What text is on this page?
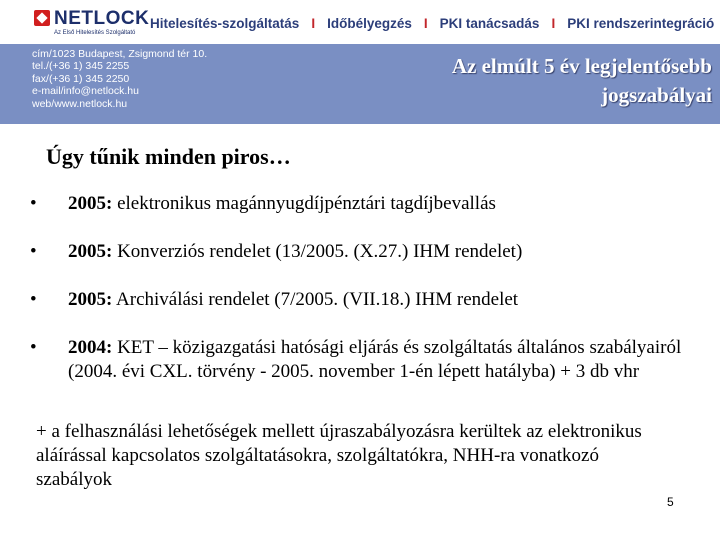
NETLOCK
Az Első Hitelesítés Szolgáltató
Hitelesítés-szolgáltatás I Időbélyegzés I PKI tanácsadás I PKI rendszerintegráció
cím/1023 Budapest, Zsigmond tér 10.
tel./(+36 1) 345 2255
fax/(+36 1) 345 2250
e-mail/info@netlock.hu
web/www.netlock.hu
Az elmúlt 5 év legjelentősebb
jogszabályai
Úgy tűnik minden piros…
• 2005: elektronikus magánnyugdíjpénztári tagdíjbevallás
• 2005: Konverziós rendelet (13/2005. (X.27.) IHM rendelet)
• 2005: Archiválási rendelet (7/2005. (VII.18.) IHM rendelet
• 2004: KET – közigazgatási hatósági eljárás és szolgáltatás általános szabályairól (2004. évi CXL. törvény - 2005. november 1-én lépett hatályba) + 3 db vhr
+ a felhasználási lehetőségek mellett újraszabályozásra kerültek az elektronikus aláírással kapcsolatos szolgáltatásokra, szolgáltatókra, NHH-ra vonatkozó szabályok
5
